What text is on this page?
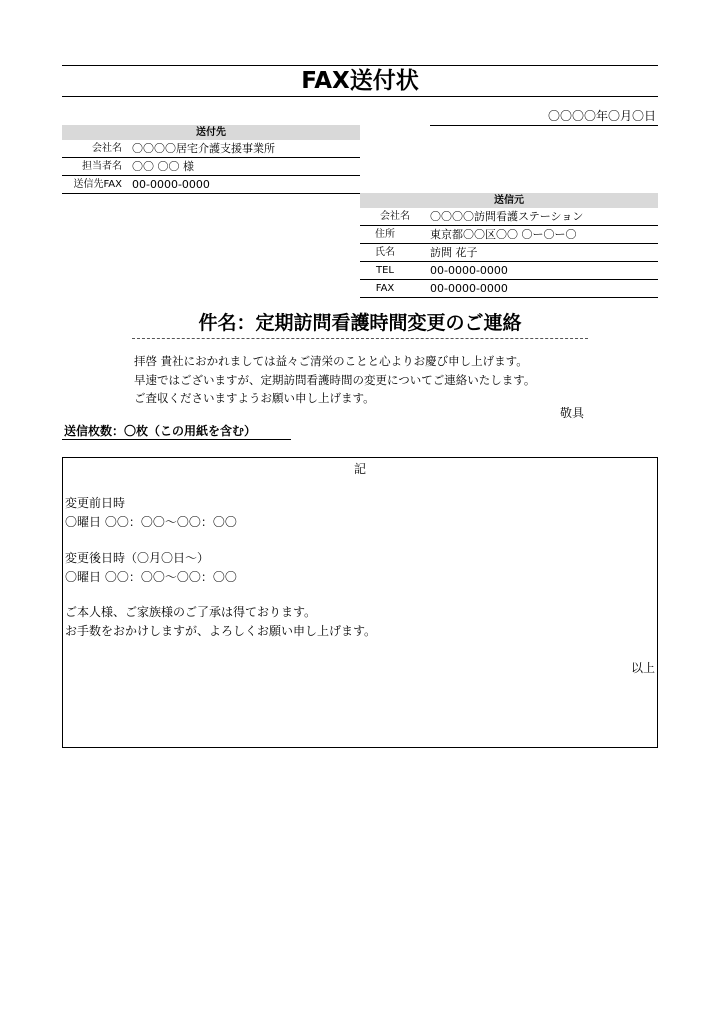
FAX送付状
〇〇〇〇年〇月〇日
送付先
会社名 〇〇〇〇居宅介護支援事業所
担当者名 〇〇 〇〇 様
送信先FAX 00-0000-0000
送信元
会社名 〇〇〇〇訪問看護ステーション
住所	東京都〇〇区〇〇 〇ー〇ー〇
氏名	訪問 花子
TEL	00-0000-0000
FAX	00-0000-0000
件名：定期訪問看護時間変更のご連絡
拝啓 貴社におかれましては益々ご清栄のことと心よりお慶び申し上げます。
早速ではございますが、定期訪問看護時間の変更についてご連絡いたします。
ご査収くださいますようお願い申し上げます。
敬具
送信枚数：〇枚（この用紙を含む）
記
変更前日時
〇曜日 〇〇：〇〇〜〇〇：〇〇
変更後日時（〇月〇日〜）
〇曜日 〇〇：〇〇〜〇〇：〇〇
ご本人様、ご家族様のご了承は得ております。
お手数をおかけしますが、よろしくお願い申し上げます。
以上
